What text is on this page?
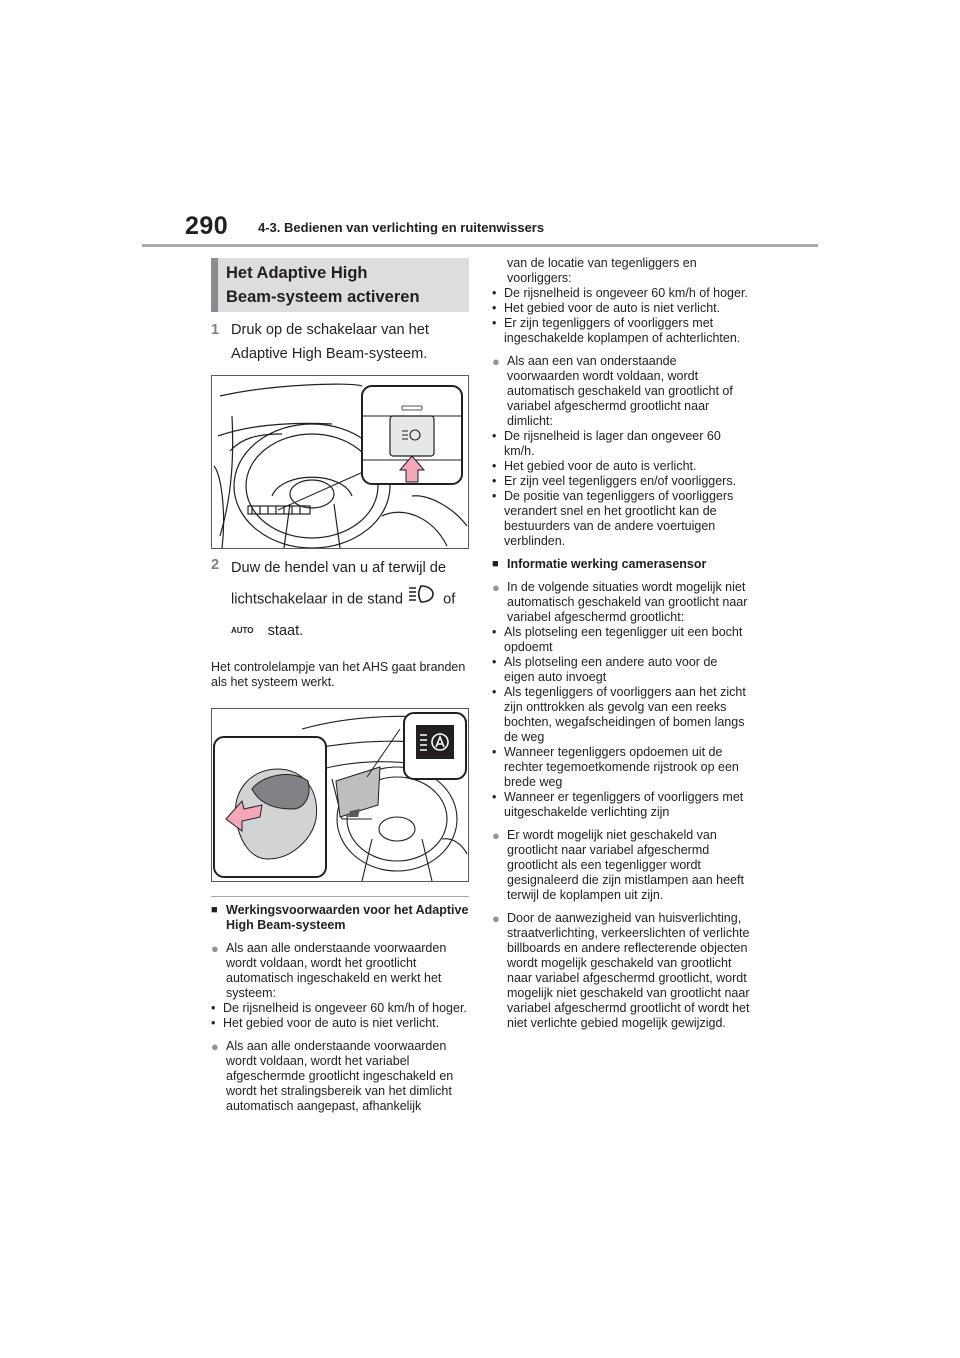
290 4-3. Bedienen van verlichting en ruitenwissers
Het Adaptive High
Beam-systeem activeren
1 Druk op de schakelaar van het Adaptive High Beam-systeem.
2 Duw de hendel van u af terwijl de lichtschakelaar in de stand	of
AUTO staat.
Het controlelampje van het AHS gaat branden als het systeem werkt.
■ Werkingsvoorwaarden voor het Adaptive High Beam-systeem
● Als aan alle onderstaande voorwaarden wordt voldaan, wordt het grootlicht automatisch ingeschakeld en werkt het systeem:
• De rijsnelheid is ongeveer 60 km/h of hoger.
• Het gebied voor de auto is niet verlicht.
● Als aan alle onderstaande voorwaarden wordt voldaan, wordt het variabel afgeschermde grootlicht ingeschakeld en wordt het stralingsbereik van het dimlicht automatisch aangepast, afhankelijk
van de locatie van tegenliggers en voorliggers:
• De rijsnelheid is ongeveer 60 km/h of hoger.
• Het gebied voor de auto is niet verlicht.
• Er zijn tegenliggers of voorliggers met ingeschakelde koplampen of achterlichten.
● Als aan een van onderstaande voorwaarden wordt voldaan, wordt automatisch geschakeld van grootlicht of variabel afgeschermd grootlicht naar dimlicht:
• De rijsnelheid is lager dan ongeveer 60 km/h.
• Het gebied voor de auto is verlicht.
• Er zijn veel tegenliggers en/of voorliggers.
• De positie van tegenliggers of voorliggers verandert snel en het grootlicht kan de bestuurders van de andere voertuigen verblinden.
■ Informatie werking camerasensor
● In de volgende situaties wordt mogelijk niet automatisch geschakeld van grootlicht naar variabel afgeschermd grootlicht:
• Als plotseling een tegenligger uit een bocht opdoemt
• Als plotseling een andere auto voor de eigen auto invoegt
• Als tegenliggers of voorliggers aan het zicht zijn onttrokken als gevolg van een reeks bochten, wegafscheidingen of bomen langs de weg
• Wanneer tegenliggers opdoemen uit de rechter tegemoetkomende rijstrook op een brede weg
• Wanneer er tegenliggers of voorliggers met uitgeschakelde verlichting zijn
● Er wordt mogelijk niet geschakeld van grootlicht naar variabel afgeschermd grootlicht als een tegenligger wordt gesignaleerd die zijn mistlampen aan heeft terwijl de koplampen uit zijn.
● Door de aanwezigheid van huisverlichting, straatverlichting, verkeerslichten of verlichte billboards en andere reflecterende objecten wordt mogelijk geschakeld van grootlicht naar variabel afgeschermd grootlicht, wordt mogelijk niet geschakeld van grootlicht naar variabel afgeschermd grootlicht of wordt het niet verlichte gebied mogelijk gewijzigd.
